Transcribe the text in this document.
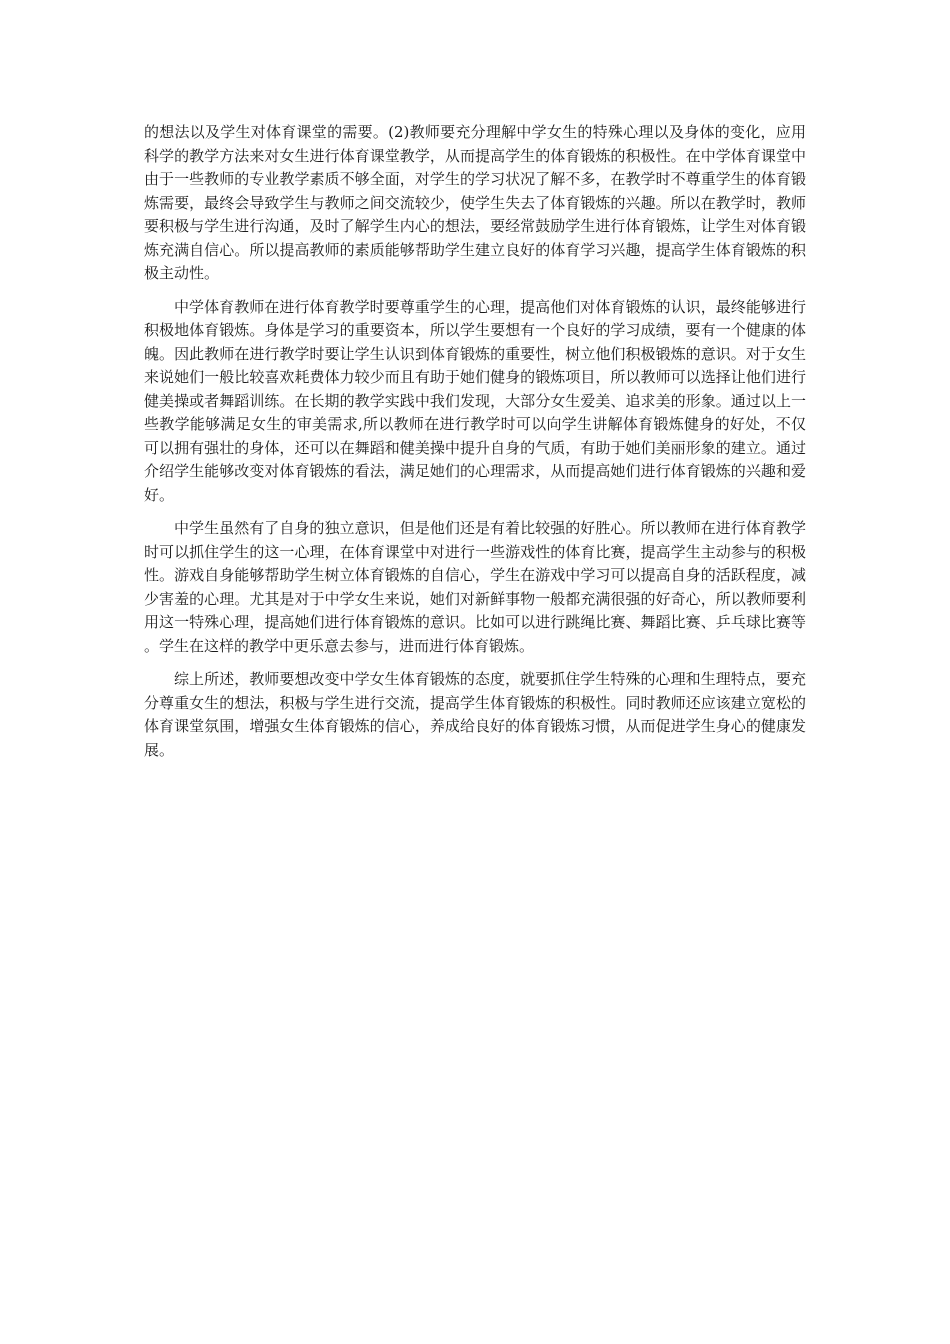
的想法以及学生对体育课堂的需要。(2)教师要充分理解中学女生的特殊心理以及身体的变化，应用科学的教学方法来对女生进行体育课堂教学，从而提高学生的体育锻炼的积极性。在中学体育课堂中由于一些教师的专业教学素质不够全面，对学生的学习状况了解不多，在教学时不尊重学生的体育锻炼需要，最终会导致学生与教师之间交流较少，使学生失去了体育锻炼的兴趣。所以在教学时，教师要积极与学生进行沟通，及时了解学生内心的想法，要经常鼓励学生进行体育锻炼，让学生对体育锻炼充满自信心。所以提高教师的素质能够帮助学生建立良好的体育学习兴趣，提高学生体育锻炼的积极主动性。

中学体育教师在进行体育教学时要尊重学生的心理，提高他们对体育锻炼的认识，最终能够进行积极地体育锻炼。身体是学习的重要资本，所以学生要想有一个良好的学习成绩，要有一个健康的体魄。因此教师在进行教学时要让学生认识到体育锻炼的重要性，树立他们积极锻炼的意识。对于女生来说她们一般比较喜欢耗费体力较少而且有助于她们健身的锻炼项目，所以教师可以选择让他们进行健美操或者舞蹈训练。在长期的教学实践中我们发现，大部分女生爱美、追求美的形象。通过以上一些教学能够满足女生的审美需求,所以教师在进行教学时可以向学生讲解体育锻炼健身的好处，不仅可以拥有强壮的身体，还可以在舞蹈和健美操中提升自身的气质，有助于她们美丽形象的建立。通过介绍学生能够改变对体育锻炼的看法，满足她们的心理需求，从而提高她们进行体育锻炼的兴趣和爱好。

中学生虽然有了自身的独立意识，但是他们还是有着比较强的好胜心。所以教师在进行体育教学时可以抓住学生的这一心理，在体育课堂中对进行一些游戏性的体育比赛，提高学生主动参与的积极性。游戏自身能够帮助学生树立体育锻炼的自信心，学生在游戏中学习可以提高自身的活跃程度，减少害羞的心理。尤其是对于中学女生来说，她们对新鲜事物一般都充满很强的好奇心，所以教师要利用这一特殊心理，提高她们进行体育锻炼的意识。比如可以进行跳绳比赛、舞蹈比赛、乒乓球比赛等。学生在这样的教学中更乐意去参与，进而进行体育锻炼。

综上所述，教师要想改变中学女生体育锻炼的态度，就要抓住学生特殊的心理和生理特点，要充分尊重女生的想法，积极与学生进行交流，提高学生体育锻炼的积极性。同时教师还应该建立宽松的体育课堂氛围，增强女生体育锻炼的信心，养成给良好的体育锻炼习惯，从而促进学生身心的健康发展。
